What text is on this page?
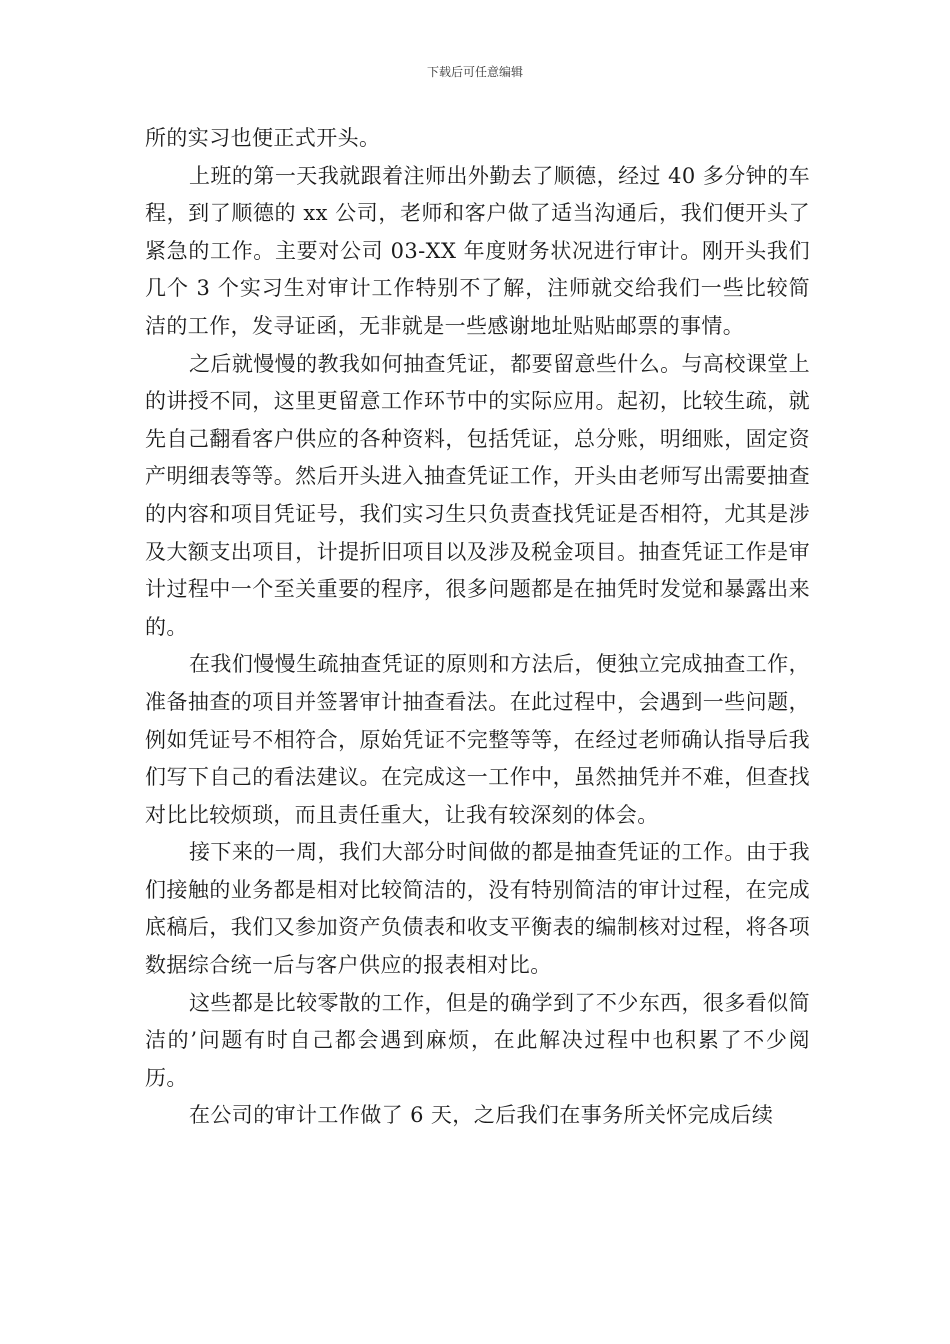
下载后可任意编辑

所的实习也便正式开头。

上班的第一天我就跟着注师出外勤去了顺德，经过 40 多分钟的车程，到了顺德的 xx 公司，老师和客户做了适当沟通后，我们便开头了紧急的工作。主要对公司 03-XX 年度财务状况进行审计。刚开头我们几个 3 个实习生对审计工作特别不了解，注师就交给我们一些比较简洁的工作，发寻证函，无非就是一些感谢地址贴贴邮票的事情。

之后就慢慢的教我如何抽查凭证，都要留意些什么。与高校课堂上的讲授不同，这里更留意工作环节中的实际应用。起初，比较生疏，就先自己翻看客户供应的各种资料，包括凭证，总分账，明细账，固定资产明细表等等。然后开头进入抽查凭证工作，开头由老师写出需要抽查的内容和项目凭证号，我们实习生只负责查找凭证是否相符，尤其是涉及大额支出项目，计提折旧项目以及涉及税金项目。抽查凭证工作是审计过程中一个至关重要的程序，很多问题都是在抽凭时发觉和暴露出来的。

在我们慢慢生疏抽查凭证的原则和方法后，便独立完成抽查工作，准备抽查的项目并签署审计抽查看法。在此过程中，会遇到一些问题，例如凭证号不相符合，原始凭证不完整等等，在经过老师确认指导后我们写下自己的看法建议。在完成这一工作中，虽然抽凭并不难，但查找对比比较烦琐，而且责任重大，让我有较深刻的体会。

接下来的一周，我们大部分时间做的都是抽查凭证的工作。由于我们接触的业务都是相对比较简洁的，没有特别简洁的审计过程，在完成底稿后，我们又参加资产负债表和收支平衡表的编制核对过程，将各项数据综合统一后与客户供应的报表相对比。

这些都是比较零散的工作，但是的确学到了不少东西，很多看似简洁的’问题有时自己都会遇到麻烦，在此解决过程中也积累了不少阅历。

在公司的审计工作做了 6 天，之后我们在事务所关怀完成后续
